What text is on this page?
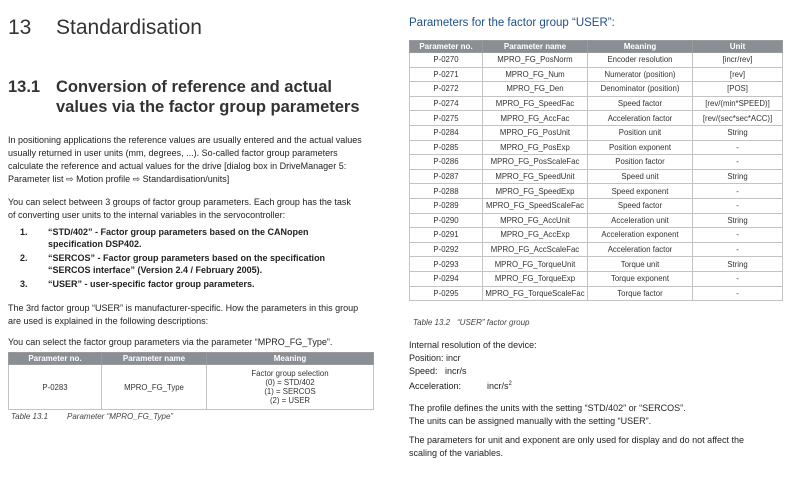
13 Standardisation
13.1 Conversion of reference and actual values via the factor group parameters
In positioning applications the reference values are usually entered and the actual values
usually returned in user units (mm, degrees, ...). So-called factor group parameters
calculate the reference and actual values for the drive [dialog box in DriveManager 5:
Parameter list ⇨ Motion profile ⇨ Standardisation/units]
You can select between 3 groups of factor group parameters. Each group has the task
of converting user units to the internal variables in the servocontroller:
1. “STD/402” - Factor group parameters based on the CANopen
specification DSP402.
2. “SERCOS” - Factor group parameters based on the specification
“SERCOS interface” (Version 2.4 / February 2005).
3. “USER” - user-specific factor group parameters.
The 3rd factor group “USER” is manufacturer-specific. How the parameters in this group
are used is explained in the following descriptions:
You can select the factor group parameters via the parameter “MPRO_FG_Type”.
Parameter no.	Parameter name	Meaning
P-0283	MPRO_FG_Type	Factor group selection
(0) = STD/402
(1) = SERCOS
(2) = USER
Table 13.1 Parameter “MPRO_FG_Type”
Parameters for the factor group “USER”:
Parameter no.	Parameter name	Meaning	Unit
P-0270	MPRO_FG_PosNorm	Encoder resolution	[incr/rev]
P-0271	MPRO_FG_Num	Numerator (position)	[rev]
P-0272	MPRO_FG_Den	Denominator (position)	[POS]
P-0274	MPRO_FG_SpeedFac	Speed factor	[rev/(min*SPEED)]
P-0275	MPRO_FG_AccFac	Acceleration factor	[rev/(sec*sec*ACC)]
P-0284	MPRO_FG_PosUnit	Position unit	String
P-0285	MPRO_FG_PosExp	Position exponent	-
P-0286	MPRO_FG_PosScaleFac	Position factor	-
P-0287	MPRO_FG_SpeedUnit	Speed unit	String
P-0288	MPRO_FG_SpeedExp	Speed exponent	-
P-0289	MPRO_FG_SpeedScaleFac	Speed factor	-
P-0290	MPRO_FG_AccUnit	Acceleration unit	String
P-0291	MPRO_FG_AccExp	Acceleration exponent	-
P-0292	MPRO_FG_AccScaleFac	Acceleration factor	-
P-0293	MPRO_FG_TorqueUnit	Torque unit	String
P-0294	MPRO_FG_TorqueExp	Torque exponent	-
P-0295	MPRO_FG_TorqueScaleFac	Torque factor	-
Table 13.2 “USER” factor group
Internal resolution of the device:
Position: incr
Speed: incr/s
Acceleration:	incr/$s^2$
The profile defines the units with the setting “STD/402” or “SERCOS”.
The units can be assigned manually with the setting “USER”.
The parameters for unit and exponent are only used for display and do not affect the
scaling of the variables.
